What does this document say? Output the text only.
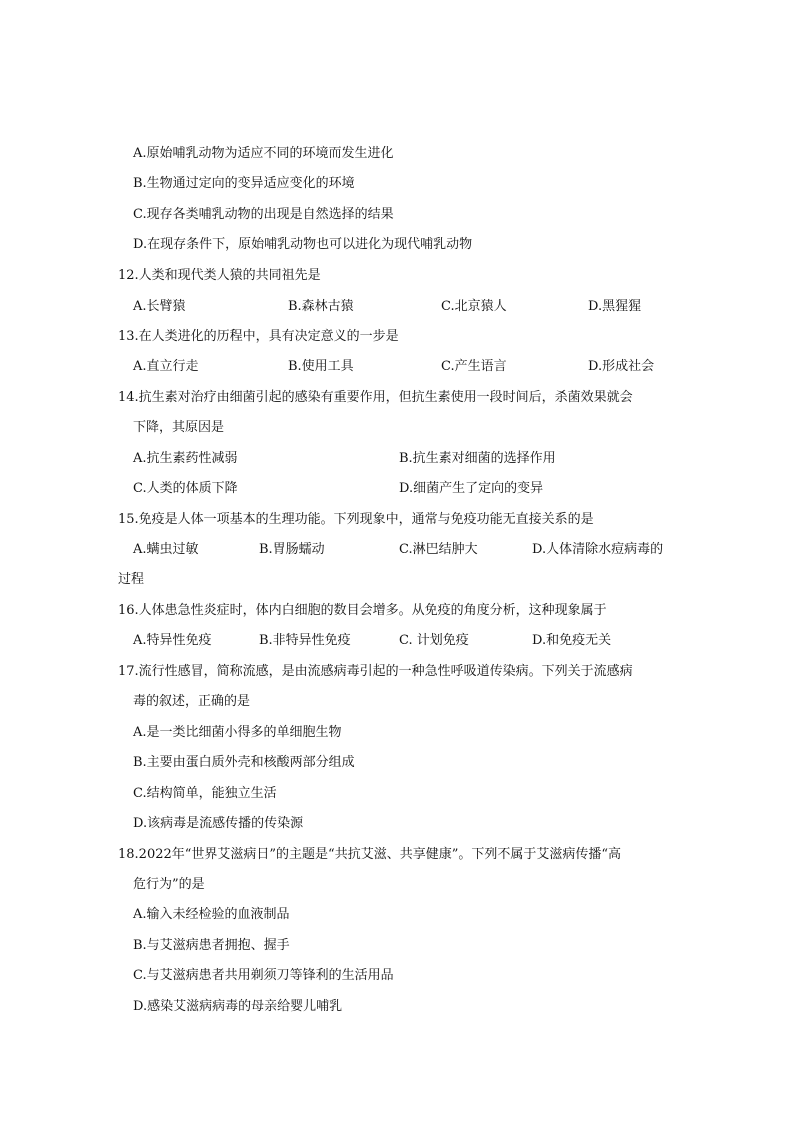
A.原始哺乳动物为适应不同的环境而发生进化
B.生物通过定向的变异适应变化的环境
C.现存各类哺乳动物的出现是自然选择的结果
D.在现存条件下，原始哺乳动物也可以进化为现代哺乳动物
12.人类和现代类人猿的共同祖先是
A.长臂猿	B.森林古猿	C.北京猿人	D.黑猩猩
13.在人类进化的历程中，具有决定意义的一步是
A.直立行走	B.使用工具	C.产生语言	D.形成社会
14.抗生素对治疗由细菌引起的感染有重要作用，但抗生素使用一段时间后，杀菌效果就会
下降，其原因是
A.抗生素药性减弱	B.抗生素对细菌的选择作用
C.人类的体质下降	D.细菌产生了定向的变异
15.免疫是人体一项基本的生理功能。下列现象中，通常与免疫功能无直接关系的是
A.螨虫过敏	B.胃肠蠕动	C.淋巴结肿大	D.人体清除水痘病毒的
过程
16.人体患急性炎症时，体内白细胞的数目会增多。从免疫的角度分析，这种现象属于
A.特异性免疫	B.非特异性免疫	C. 计划免疫	D.和免疫无关
17.流行性感冒，简称流感，是由流感病毒引起的一种急性呼吸道传染病。下列关于流感病
毒的叙述，正确的是
A.是一类比细菌小得多的单细胞生物
B.主要由蛋白质外壳和核酸两部分组成
C.结构简单，能独立生活
D.该病毒是流感传播的传染源
18.2022年“世界艾滋病日”的主题是“共抗艾滋、共享健康”。下列不属于艾滋病传播“高
危行为”的是
A.输入未经检验的血液制品
B.与艾滋病患者拥抱、握手
C.与艾滋病患者共用剃须刀等锋利的生活用品
D.感染艾滋病病毒的母亲给婴儿哺乳
